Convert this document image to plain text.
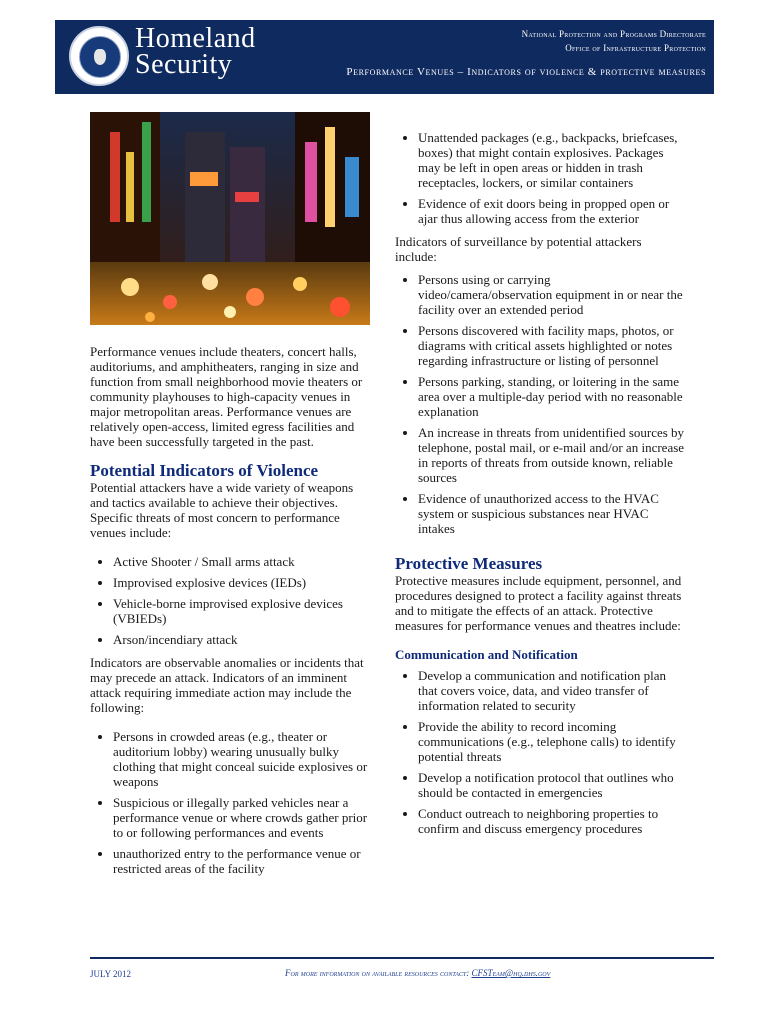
Homeland
Security
National Protection and Programs Directorate
Office of Infrastructure Protection
Performance Venues – Indicators of violence & protective measures

Performance venues include theaters, concert halls, auditoriums, and amphitheaters, ranging in size and function from small neighborhood movie theaters or community playhouses to high-capacity venues in major metropolitan areas. Performance venues are relatively open-access, limited egress facilities and have been successfully targeted in the past.

Potential Indicators of Violence

Potential attackers have a wide variety of weapons and tactics available to achieve their objectives. Specific threats of most concern to performance venues include:

• Active Shooter / Small arms attack
• Improvised explosive devices (IEDs)
• Vehicle-borne improvised explosive devices (VBIEDs)
• Arson/incendiary attack

Indicators are observable anomalies or incidents that may precede an attack. Indicators of an imminent attack requiring immediate action may include the following:

• Persons in crowded areas (e.g., theater or auditorium lobby) wearing unusually bulky clothing that might conceal suicide explosives or weapons
• Suspicious or illegally parked vehicles near a performance venue or where crowds gather prior to or following performances and events
• unauthorized entry to the performance venue or restricted areas of the facility
• Unattended packages (e.g., backpacks, briefcases, boxes) that might contain explosives. Packages may be left in open areas or hidden in trash receptacles, lockers, or similar containers
• Evidence of exit doors being in propped open or ajar thus allowing access from the exterior

Indicators of surveillance by potential attackers include:

• Persons using or carrying video/camera/observation equipment in or near the facility over an extended period
• Persons discovered with facility maps, photos, or diagrams with critical assets highlighted or notes regarding infrastructure or listing of personnel
• Persons parking, standing, or loitering in the same area over a multiple-day period with no reasonable explanation
• An increase in threats from unidentified sources by telephone, postal mail, or e-mail and/or an increase in reports of threats from outside known, reliable sources
• Evidence of unauthorized access to the HVAC system or suspicious substances near HVAC intakes
Protective Measures

Protective measures include equipment, personnel, and procedures designed to protect a facility against threats and to mitigate the effects of an attack. Protective measures for performance venues and theatres include:

Communication and Notification
• Develop a communication and notification plan that covers voice, data, and video transfer of information related to security
• Provide the ability to record incoming communications (e.g., telephone calls) to identify potential threats
• Develop a notification protocol that outlines who should be contacted in emergencies
• Conduct outreach to neighboring properties to confirm and discuss emergency procedures
JULY 2012	For more information on available resources contact: CFSTeam@hq.dhs.gov
